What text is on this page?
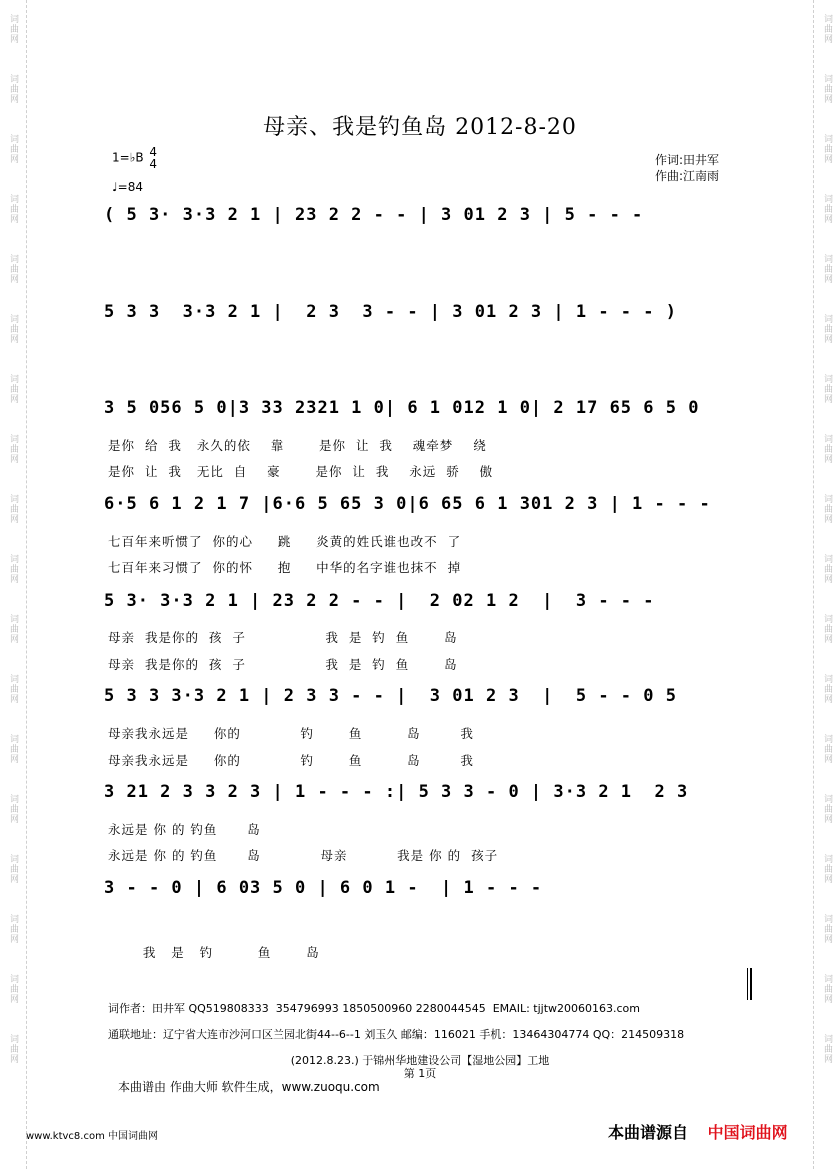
词曲网
词曲网
词曲网
词曲网
词曲网
词曲网
词曲网
词曲网
词曲网
词曲网
词曲网
词曲网
词曲网
词曲网
词曲网
词曲网
词曲网
词曲网
词曲网
词曲网
词曲网
词曲网
词曲网
词曲网
词曲网
词曲网
词曲网
词曲网
词曲网
词曲网
词曲网
词曲网
词曲网
词曲网
词曲网
词曲网
母亲、我是钓鱼岛 2012-8-20
1=♭B 4
4
♩=84
作词:田井军
作曲:江南雨
( 5 3· 3·3 2 1 | 23 2 2 - - | 3 01 2 3 | 5 - - -
5 3 3  3·3 2 1 |  2 3  3 - - | 3 01 2 3 | 1 - - - )
3 5 056 5 0|3 33 2321 1 0| 6 1 012 1 0| 2 17 65 6 5 0
是你  给  我   永久的依    靠       是你  让  我    魂牵梦    绕
是你  让  我   无比  自    豪       是你  让  我    永远  骄    傲
6·5 6 1 2 1 7 |6·6 5 65 3 0|6 65 6 1 301 2 3 | 1 - - -
七百年来听惯了  你的心     跳     炎黄的姓氏谁也改不  了
七百年来习惯了  你的怀     抱     中华的名字谁也抹不  掉
5 3· 3·3 2 1 | 23 2 2 - - |  2 02 1 2  |  3 - - -
母亲  我是你的  孩  子                我  是  钓  鱼       岛
母亲  我是你的  孩  子                我  是  钓  鱼       岛
5 3 3 3·3 2 1 | 2 3 3 - - |  3 01 2 3  |  5 - - 0 5
母亲我永远是     你的            钓       鱼         岛        我
母亲我永远是     你的            钓       鱼         岛        我
3 21 2 3 3 2 3 | 1 - - - :| 5 3 3 - 0 | 3·3 2 1  2 3
永远是 你 的 钓鱼      岛
永远是 你 的 钓鱼      岛            母亲          我是 你 的  孩子
3 - - 0 | 6 03 5 0 | 6 0 1 -  | 1 - - -
我   是   钓         鱼       岛
词作者：田井军 QQ519808333  354796993 1850500960 2280044545  EMAIL: tjjtw20060163.com
通联地址：辽宁省大连市沙河口区兰园北街44--6--1 刘玉久 邮编：116021 手机：13464304774 QQ：214509318
(2012.8.23.) 于锦州华地建设公司【湿地公园】工地
第 1页
本曲谱由 作曲大师 软件生成，www.zuoqu.com
www.ktvc8.com 中国词曲网	本曲谱源自 中国词曲网
